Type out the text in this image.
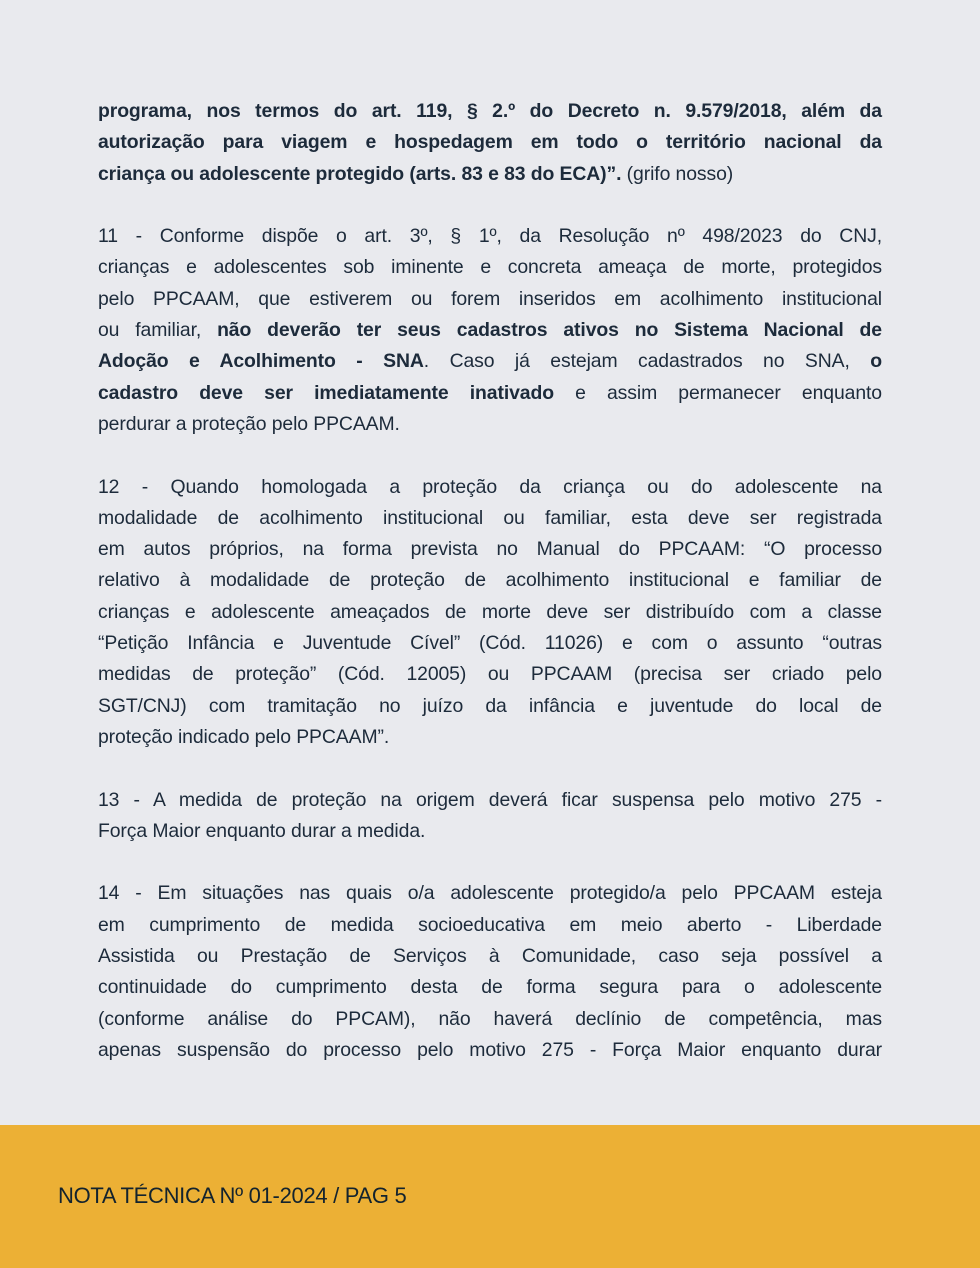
programa, nos termos do art. 119, § 2.º do Decreto n. 9.579/2018, além da
autorização para viagem e hospedagem em todo o território nacional da
criança ou adolescente protegido (arts. 83 e 83 do ECA)”. (grifo nosso)
11 - Conforme dispõe o art. 3º, § 1º, da Resolução nº 498/2023 do CNJ,
crianças e adolescentes sob iminente e concreta ameaça de morte, protegidos
pelo PPCAAM, que estiverem ou forem inseridos em acolhimento institucional
ou familiar, não deverão ter seus cadastros ativos no Sistema Nacional de
Adoção e Acolhimento - SNA. Caso já estejam cadastrados no SNA, o
cadastro deve ser imediatamente inativado e assim permanecer enquanto
perdurar a proteção pelo PPCAAM.
12 - Quando homologada a proteção da criança ou do adolescente na
modalidade de acolhimento institucional ou familiar, esta deve ser registrada
em autos próprios, na forma prevista no Manual do PPCAAM: “O processo
relativo à modalidade de proteção de acolhimento institucional e familiar de
crianças e adolescente ameaçados de morte deve ser distribuído com a classe
“Petição Infância e Juventude Cível” (Cód. 11026) e com o assunto “outras
medidas de proteção” (Cód. 12005) ou PPCAAM (precisa ser criado pelo
SGT/CNJ) com tramitação no juízo da infância e juventude do local de
proteção indicado pelo PPCAAM”.
13 - A medida de proteção na origem deverá ficar suspensa pelo motivo 275 -
Força Maior enquanto durar a medida.
14 - Em situações nas quais o/a adolescente protegido/a pelo PPCAAM esteja
em cumprimento de medida socioeducativa em meio aberto - Liberdade
Assistida ou Prestação de Serviços à Comunidade, caso seja possível a
continuidade do cumprimento desta de forma segura para o adolescente
(conforme análise do PPCAM), não haverá declínio de competência, mas
apenas suspensão do processo pelo motivo 275 - Força Maior enquanto durar
NOTA TÉCNICA Nº 01-2024 / PAG 5
